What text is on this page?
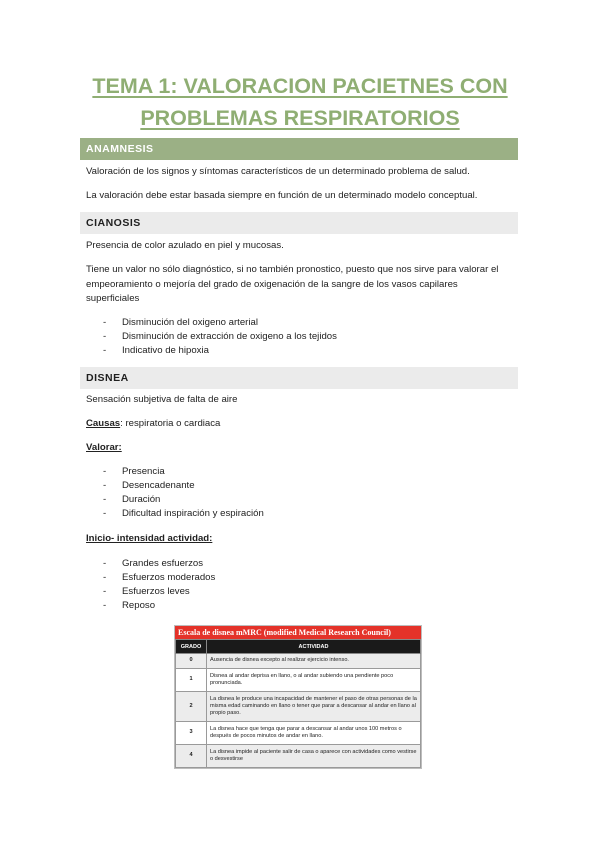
TEMA 1: VALORACION PACIETNES CON
PROBLEMAS RESPIRATORIOS
ANAMNESIS
Valoración de los signos y síntomas característicos de un determinado problema de salud.
La valoración debe estar basada siempre en función de un determinado modelo conceptual.
CIANOSIS
Presencia de color azulado en piel y mucosas.
Tiene un valor no sólo diagnóstico, si no también pronostico, puesto que nos sirve para valorar el
empeoramiento o mejoría del grado de oxigenación de la sangre de los vasos capilares
superficiales
- Disminución del oxigeno arterial
- Disminución de extracción de oxigeno a los tejidos
- Indicativo de hipoxia
DISNEA
Sensación subjetiva de falta de aire
Causas: respiratoria o cardiaca
Valorar:
- Presencia
- Desencadenante
- Duración
- Dificultad inspiración y espiración
Inicio- intensidad actividad:
- Grandes esfuerzos
- Esfuerzos moderados
- Esfuerzos leves
- Reposo
Escala de disnea mMRC (modified Medical Research Council)
GRADO	ACTIVIDAD
0	Ausencia de disnea excepto al realizar ejercicio intenso.
1	Disnea al andar deprisa en llano, o al andar subiendo una pendiente poco pronunciada.
2	La disnea le produce una incapacidad de mantener el paso de otras personas de la misma edad caminando en llano o tener que parar a descansar al andar en llano al propio paso.
3	La disnea hace que tenga que parar a descansar al andar unos 100 metros o después de pocos minutos de andar en llano.
4	La disnea impide al paciente salir de casa o aparece con actividades como vestirse o desvestirse
